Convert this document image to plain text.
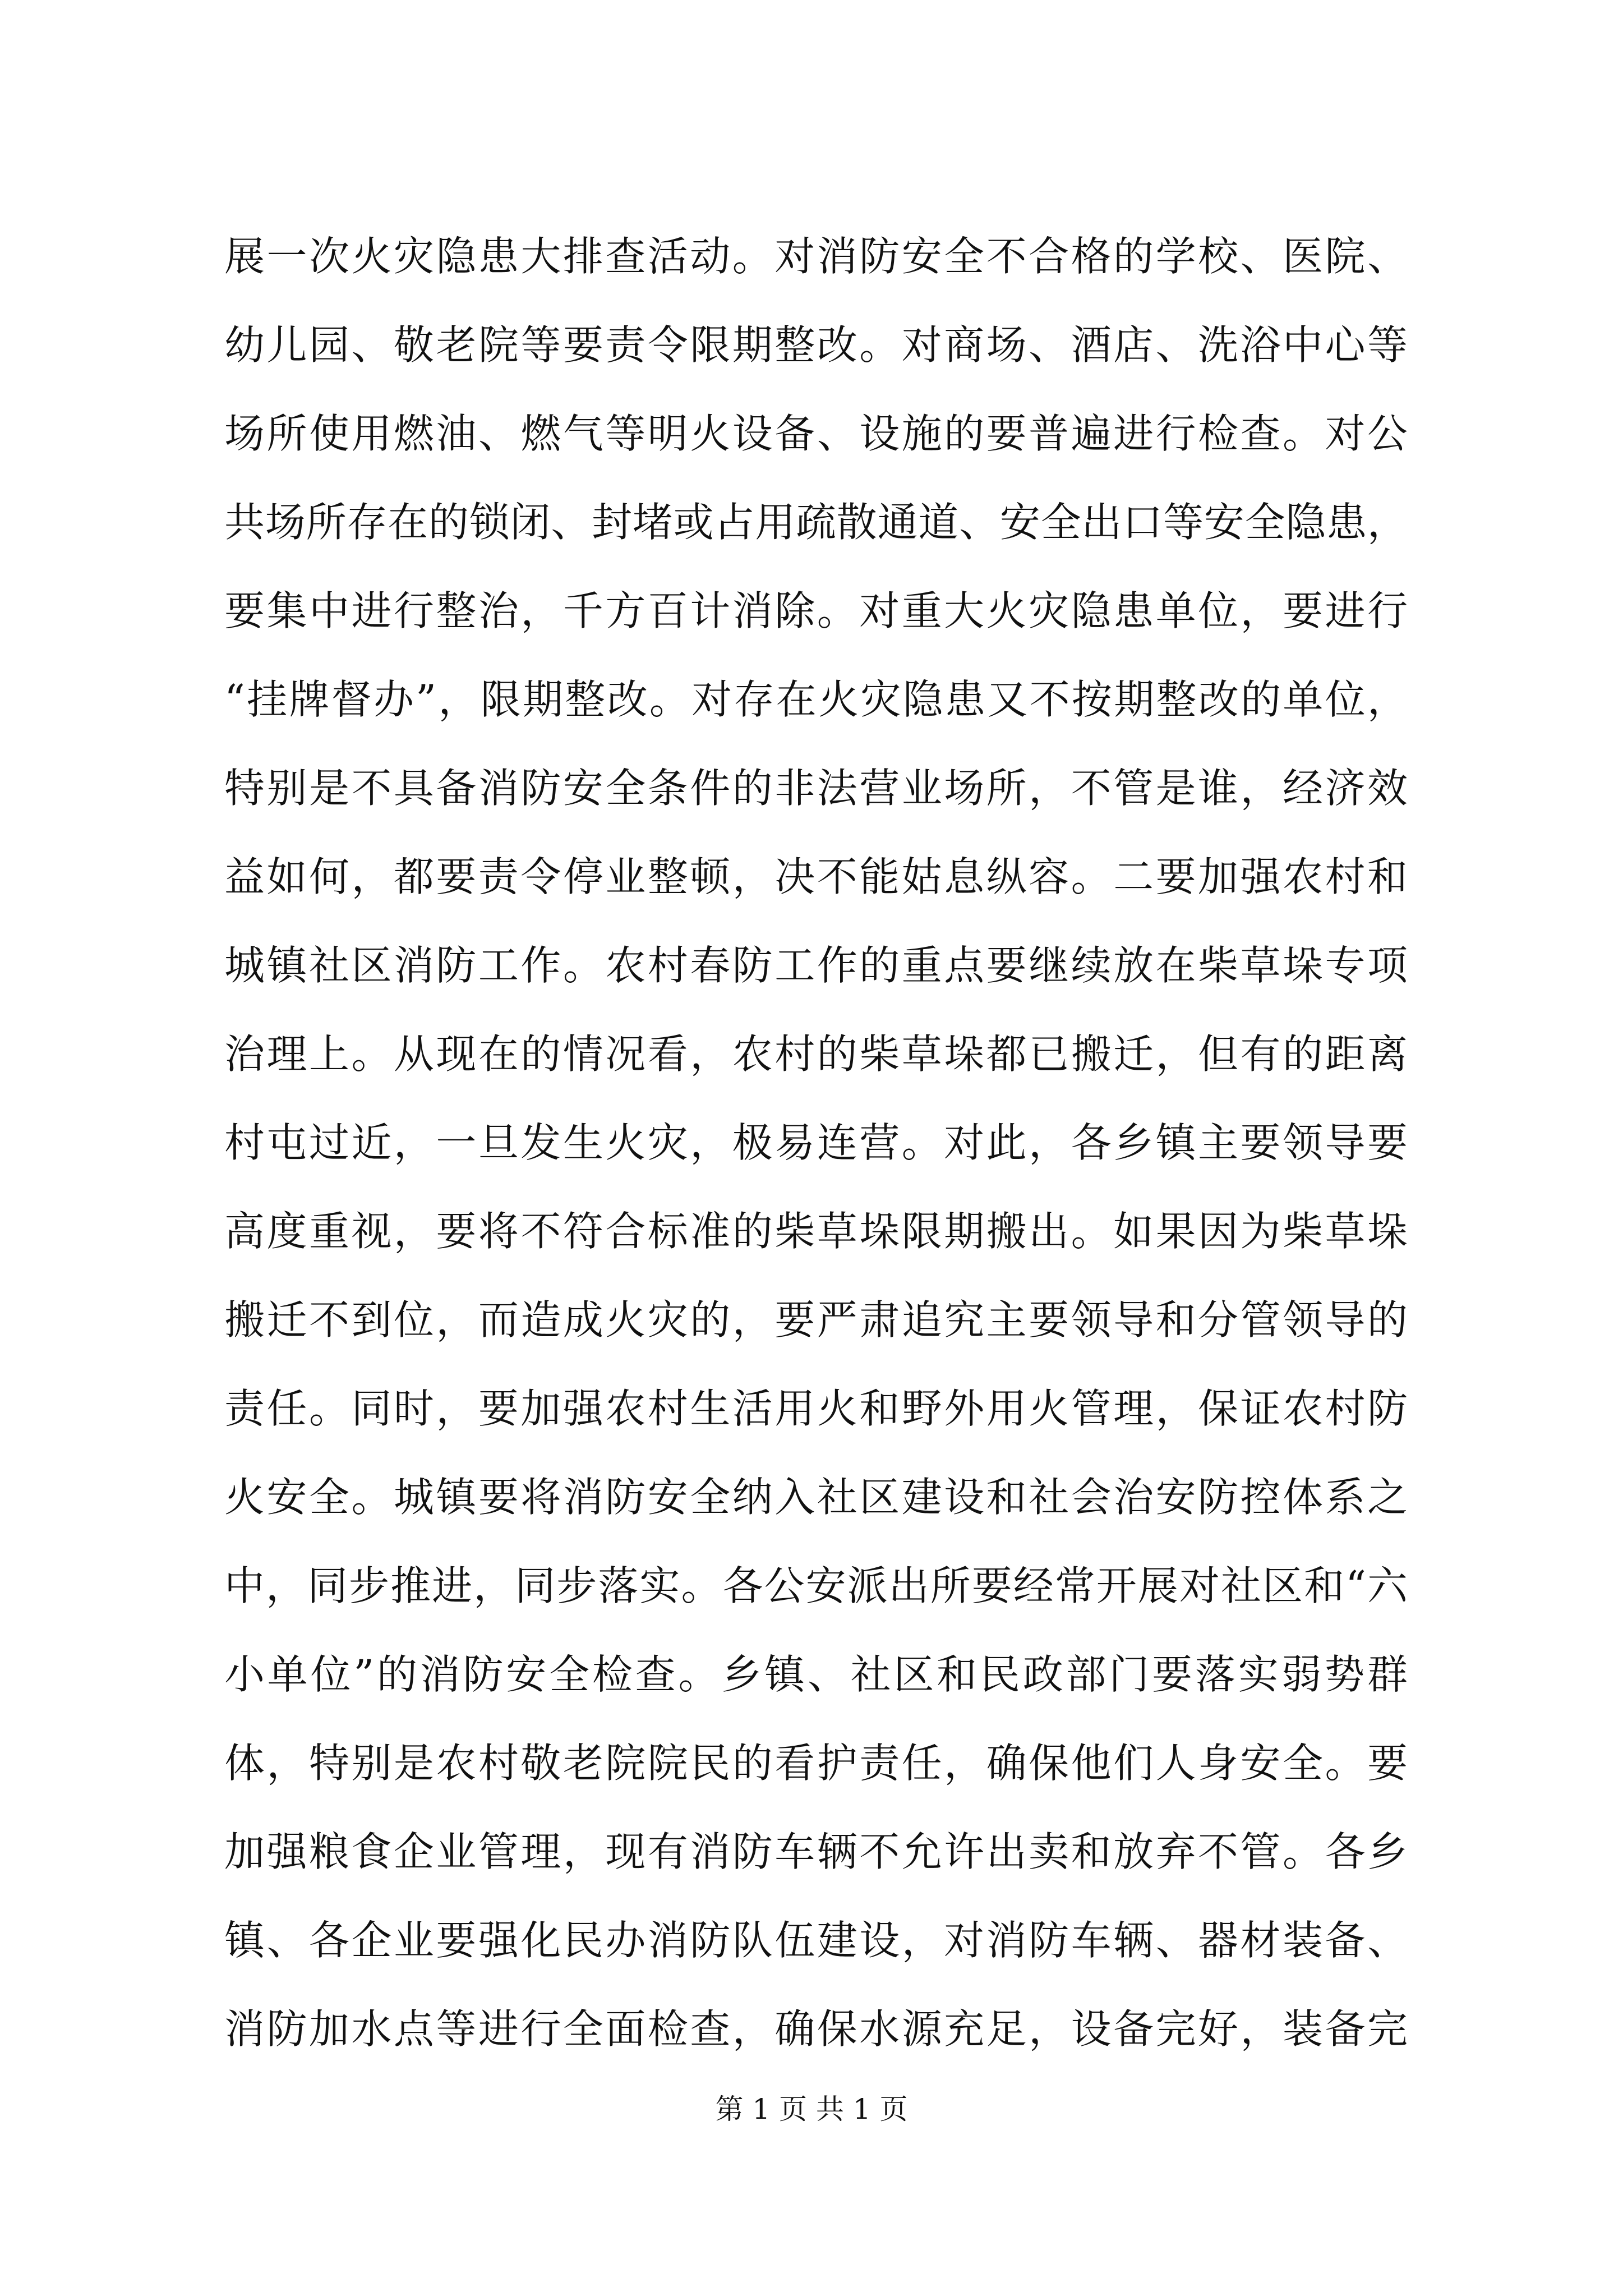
展一次火灾隐患大排查活动。对消防安全不合格的学校、医院、
幼儿园、敬老院等要责令限期整改。对商场、酒店、洗浴中心等
场所使用燃油、燃气等明火设备、设施的要普遍进行检查。对公
共场所存在的锁闭、封堵或占用疏散通道、安全出口等安全隐患，
要集中进行整治，千方百计消除。对重大火灾隐患单位，要进行
“挂牌督办”，限期整改。对存在火灾隐患又不按期整改的单位，
特别是不具备消防安全条件的非法营业场所，不管是谁，经济效
益如何，都要责令停业整顿，决不能姑息纵容。二要加强农村和
城镇社区消防工作。农村春防工作的重点要继续放在柴草垛专项
治理上。从现在的情况看，农村的柴草垛都已搬迁，但有的距离
村屯过近，一旦发生火灾，极易连营。对此，各乡镇主要领导要
高度重视，要将不符合标准的柴草垛限期搬出。如果因为柴草垛
搬迁不到位，而造成火灾的，要严肃追究主要领导和分管领导的
责任。同时，要加强农村生活用火和野外用火管理，保证农村防
火安全。城镇要将消防安全纳入社区建设和社会治安防控体系之
中，同步推进，同步落实。各公安派出所要经常开展对社区和“六
小单位”的消防安全检查。乡镇、社区和民政部门要落实弱势群
体，特别是农村敬老院院民的看护责任，确保他们人身安全。要
加强粮食企业管理，现有消防车辆不允许出卖和放弃不管。各乡
镇、各企业要强化民办消防队伍建设，对消防车辆、器材装备、
消防加水点等进行全面检查，确保水源充足，设备完好，装备完
第 1 页 共 1 页
